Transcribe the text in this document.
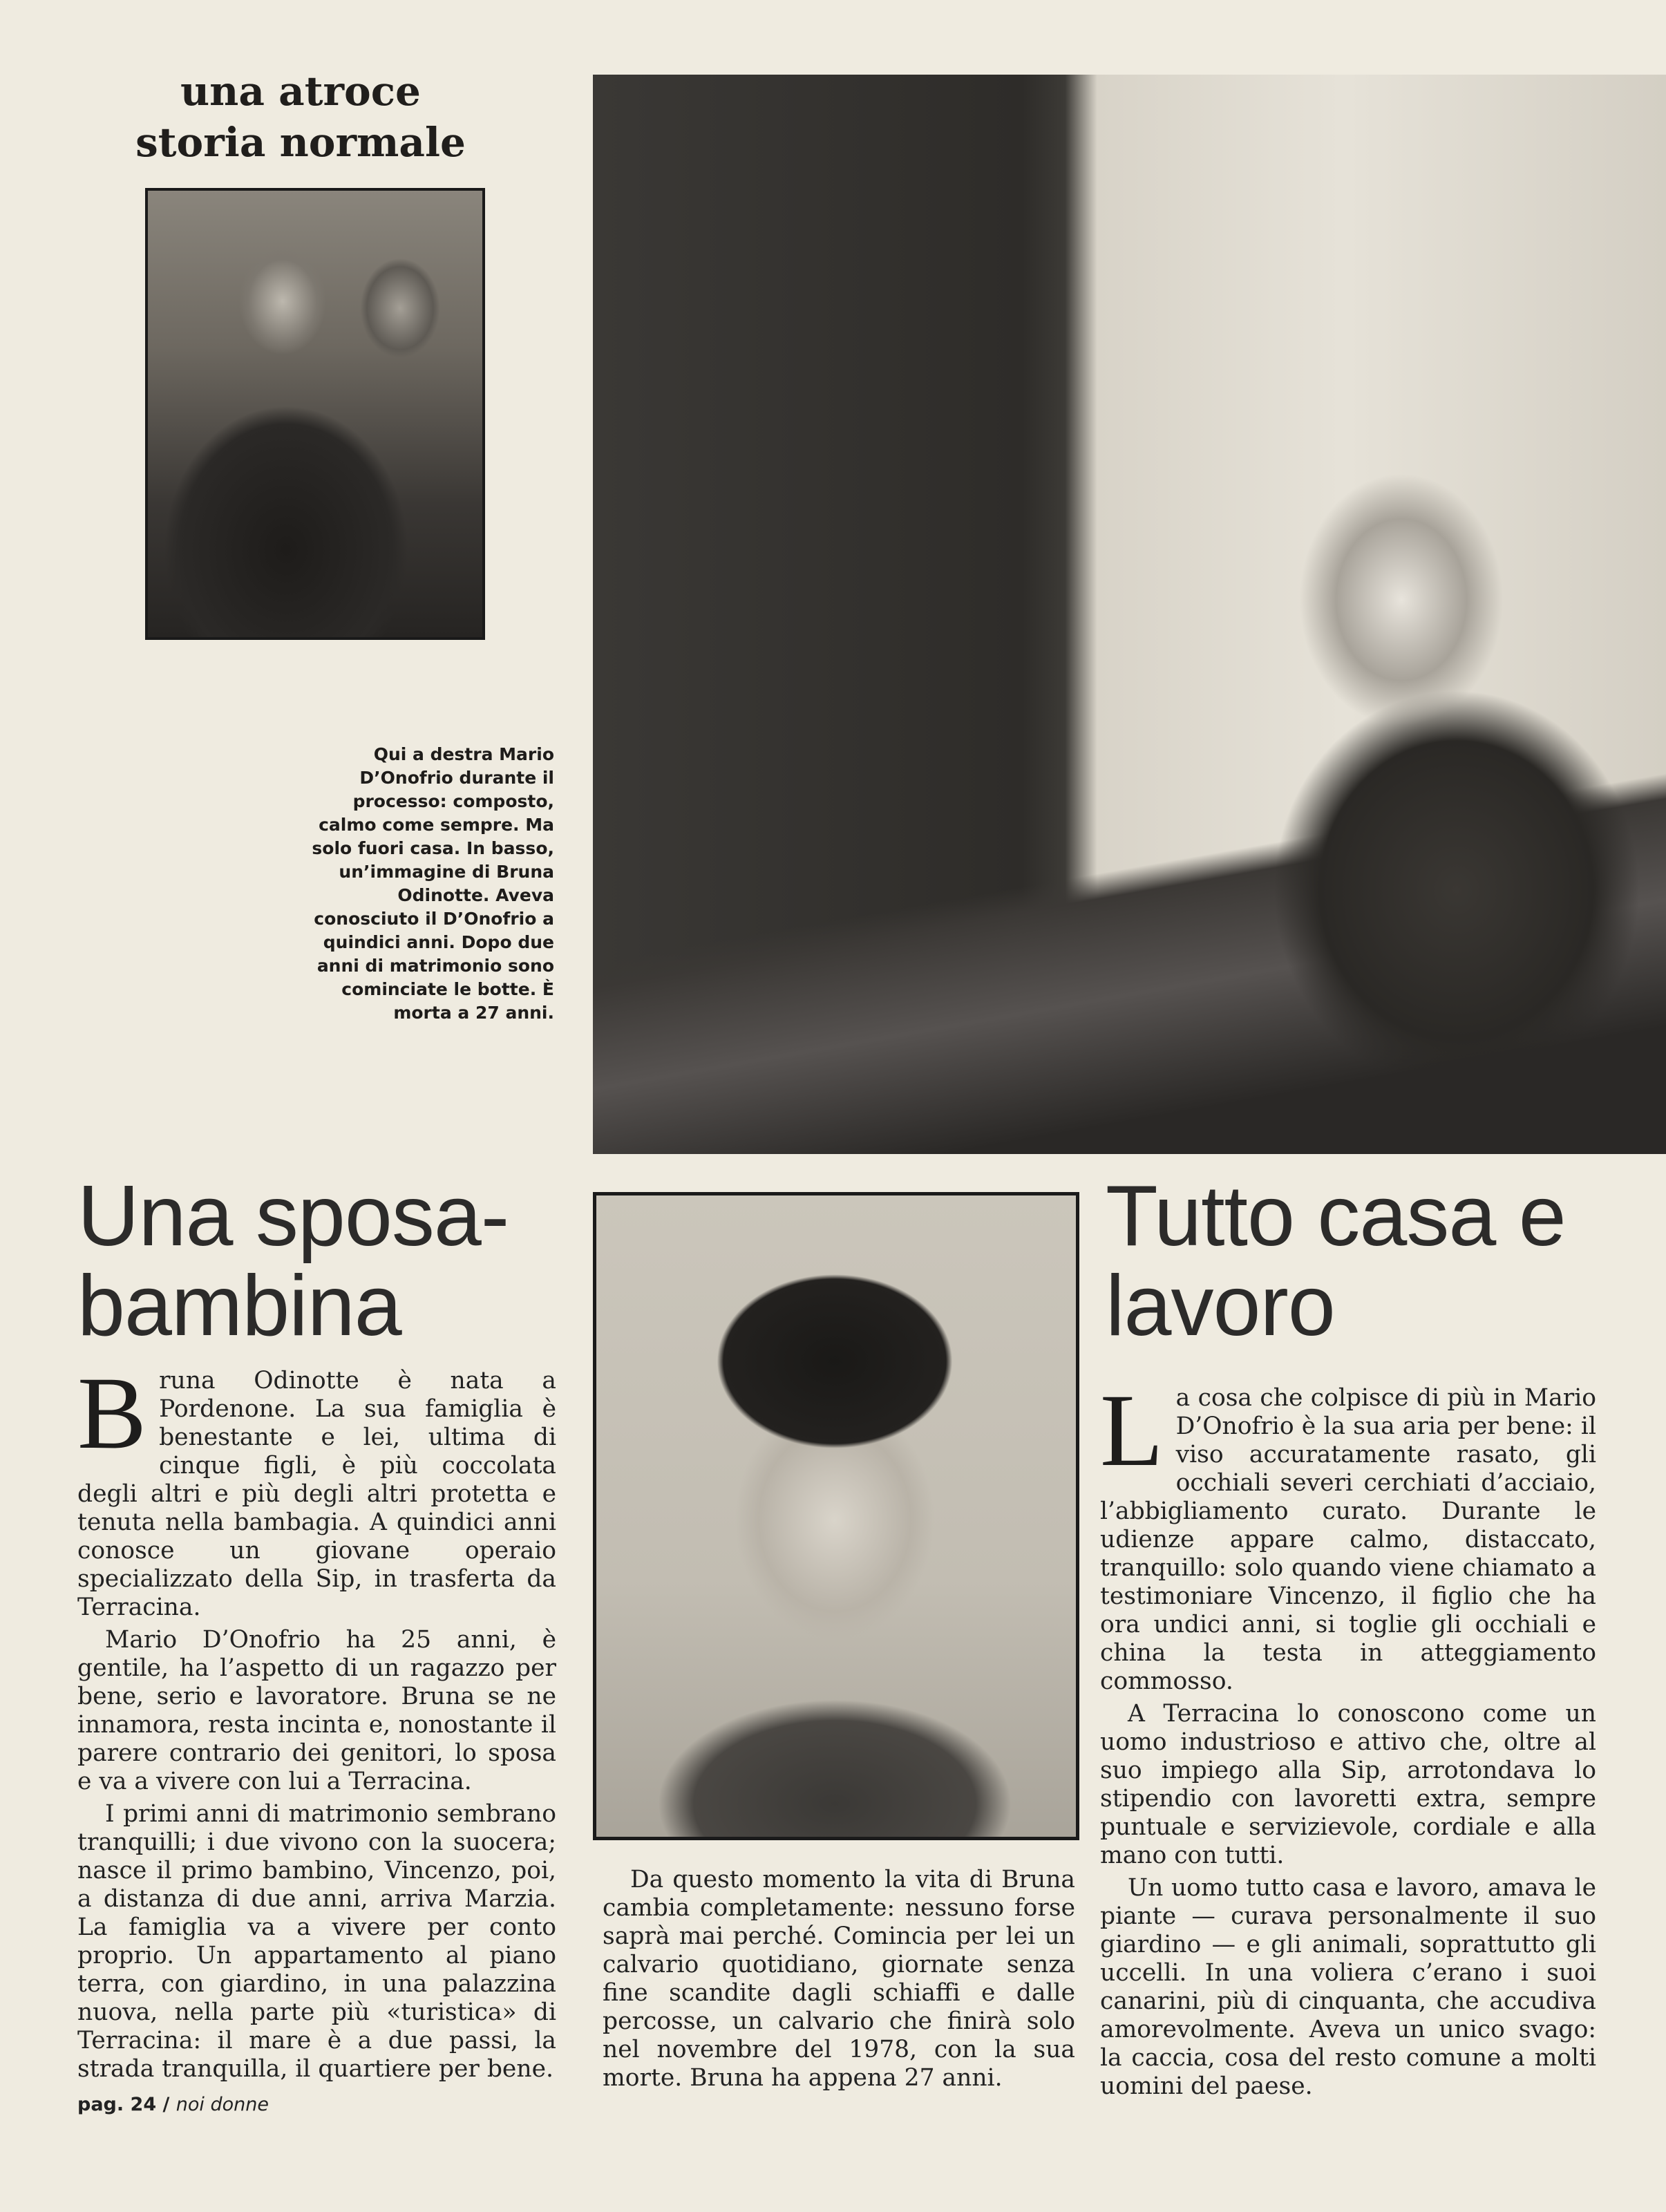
una atroce
storia normale
Qui a destra Mario D’Onofrio durante il processo: composto, calmo come sempre. Ma solo fuori casa. In basso, un’immagine di Bruna Odinotte. Aveva conosciuto il D’Onofrio a quindici anni. Dopo due anni di matrimonio sono cominciate le botte. È morta a 27 anni.
Una sposa-bambina
Tutto casa e lavoro

Bruna Odinotte è nata a Pordenone. La sua famiglia è benestante e lei, ultima di cinque figli, è più coccolata degli altri e più degli altri protetta e tenuta nella bambagia. A quindici anni conosce un giovane operaio specializzato della Sip, in trasferta da Terracina.

Mario D’Onofrio ha 25 anni, è gentile, ha l’aspetto di un ragazzo per bene, serio e lavoratore. Bruna se ne innamora, resta incinta e, nonostante il parere contrario dei genitori, lo sposa e va a vivere con lui a Terracina.

I primi anni di matrimonio sembrano tranquilli; i due vivono con la suocera; nasce il primo bambino, Vincenzo, poi, a distanza di due anni, arriva Marzia. La famiglia va a vivere per conto proprio. Un appartamento al piano terra, con giardino, in una palazzina nuova, nella parte più «turistica» di Terracina: il mare è a due passi, la strada tranquilla, il quartiere per bene.

Da questo momento la vita di Bruna cambia completamente: nessuno forse saprà mai perché. Comincia per lei un calvario quotidiano, giornate senza fine scandite dagli schiaffi e dalle percosse, un calvario che finirà solo nel novembre del 1978, con la sua morte. Bruna ha appena 27 anni.

La cosa che colpisce di più in Mario D’Onofrio è la sua aria per bene: il viso accuratamente rasato, gli occhiali severi cerchiati d’acciaio, l’abbigliamento curato. Durante le udienze appare calmo, distaccato, tranquillo: solo quando viene chiamato a testimoniare Vincenzo, il figlio che ha ora undici anni, si toglie gli occhiali e china la testa in atteggiamento commosso.

A Terracina lo conoscono come un uomo industrioso e attivo che, oltre al suo impiego alla Sip, arrotondava lo stipendio con lavoretti extra, sempre puntuale e servizievole, cordiale e alla mano con tutti.

Un uomo tutto casa e lavoro, amava le piante — curava personalmente il suo giardino — e gli animali, soprattutto gli uccelli. In una voliera c’erano i suoi canarini, più di cinquanta, che accudiva amorevolmente. Aveva un unico svago: la caccia, cosa del resto comune a molti uomini del paese.

pag. 24 / noi donne
